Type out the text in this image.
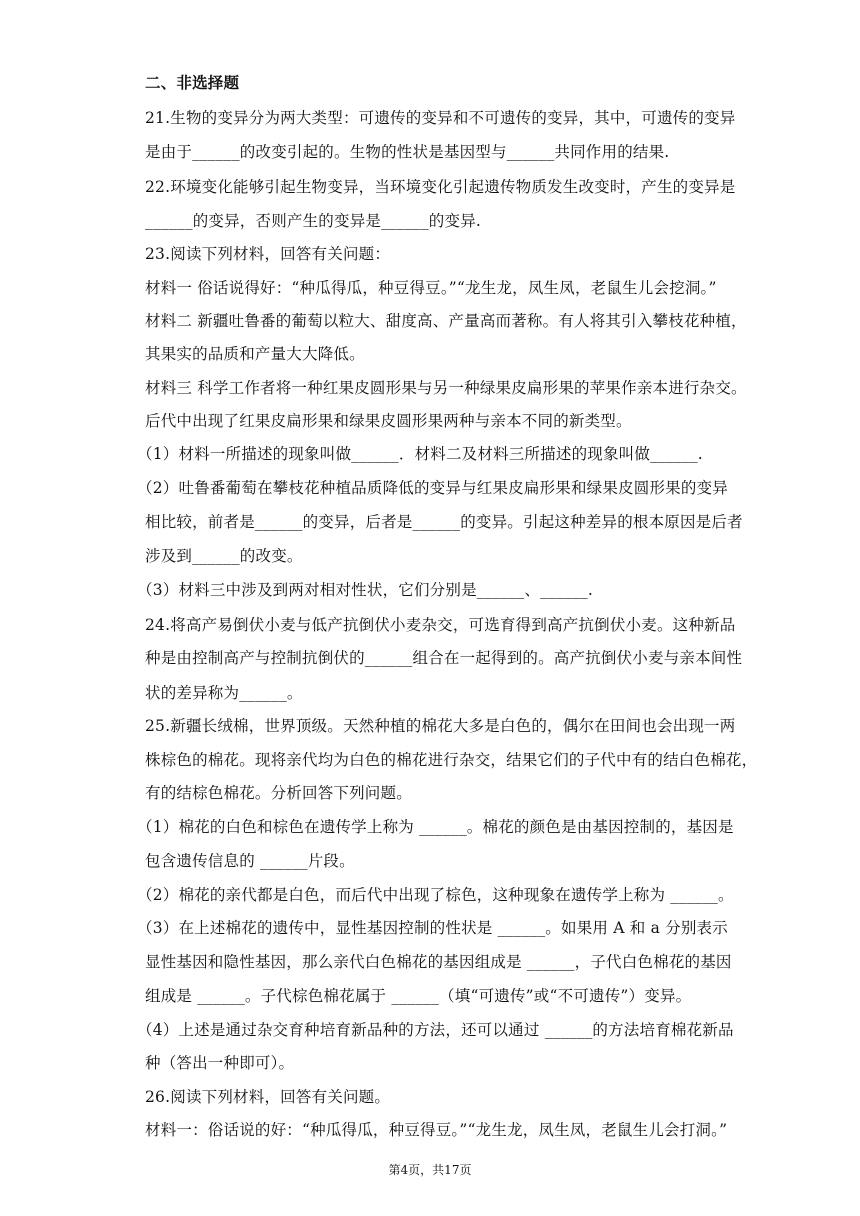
二、非选择题
21.生物的变异分为两大类型：可遗传的变异和不可遗传的变异，其中，可遗传的变异
是由于______的改变引起的。生物的性状是基因型与______共同作用的结果.
22.环境变化能够引起生物变异，当环境变化引起遗传物质发生改变时，产生的变异是
______的变异，否则产生的变异是______的变异.
23.阅读下列材料，回答有关问题：
材料一 俗话说得好：“种瓜得瓜，种豆得豆。”“龙生龙，凤生凤，老鼠生儿会挖洞。”
材料二 新疆吐鲁番的葡萄以粒大、甜度高、产量高而著称。有人将其引入攀枝花种植，
其果实的品质和产量大大降低。
材料三 科学工作者将一种红果皮圆形果与另一种绿果皮扁形果的苹果作亲本进行杂交。
后代中出现了红果皮扁形果和绿果皮圆形果两种与亲本不同的新类型。
（1）材料一所描述的现象叫做______．材料二及材料三所描述的现象叫做______.
（2）吐鲁番葡萄在攀枝花种植品质降低的变异与红果皮扁形果和绿果皮圆形果的变异
相比较，前者是______的变异，后者是______的变异。引起这种差异的根本原因是后者
涉及到______的改变。
（3）材料三中涉及到两对相对性状，它们分别是______、______.
24.将高产易倒伏小麦与低产抗倒伏小麦杂交，可选育得到高产抗倒伏小麦。这种新品
种是由控制高产与控制抗倒伏的______组合在一起得到的。高产抗倒伏小麦与亲本间性
状的差异称为______。
25.新疆长绒棉，世界顶级。天然种植的棉花大多是白色的，偶尔在田间也会出现一两
株棕色的棉花。现将亲代均为白色的棉花进行杂交，结果它们的子代中有的结白色棉花，
有的结棕色棉花。分析回答下列问题。
（1）棉花的白色和棕色在遗传学上称为 ______。棉花的颜色是由基因控制的，基因是
包含遗传信息的 ______片段。
（2）棉花的亲代都是白色，而后代中出现了棕色，这种现象在遗传学上称为 ______。
（3）在上述棉花的遗传中，显性基因控制的性状是 ______。如果用 A 和 a 分别表示
显性基因和隐性基因，那么亲代白色棉花的基因组成是 ______，子代白色棉花的基因
组成是 ______。子代棕色棉花属于 ______（填“可遗传”或“不可遗传”）变异。
（4）上述是通过杂交育种培育新品种的方法，还可以通过 ______的方法培育棉花新品
种（答出一种即可）。
26.阅读下列材料，回答有关问题。
材料一：俗话说的好：“种瓜得瓜，种豆得豆。”“龙生龙，凤生凤，老鼠生儿会打洞。”
第4页，共17页
